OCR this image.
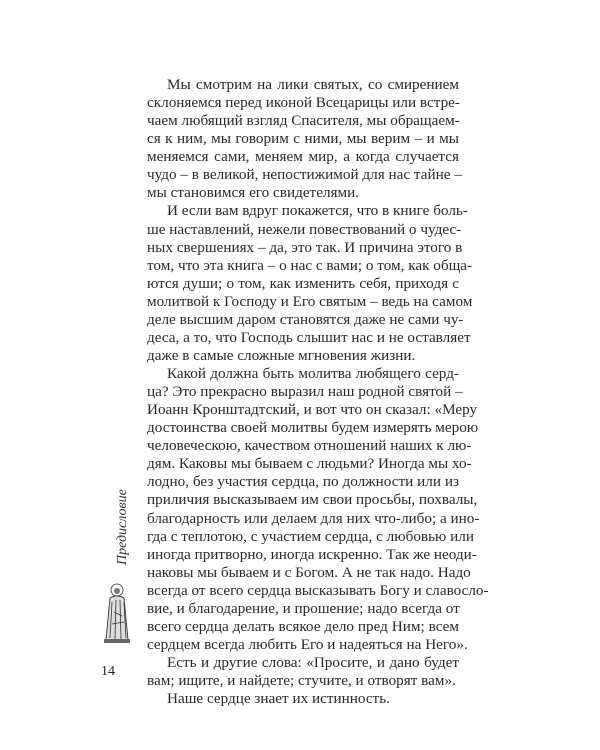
Мы смотрим на лики святых, со смирением
склоняемся перед иконой Всецарицы или встре-
чаем любящий взгляд Спасителя, мы обращаем-
ся к ним, мы говорим с ними, мы верим – и мы
меняемся сами, меняем мир, а когда случается
чудо – в великой, непостижимой для нас тайне –
мы становимся его свидетелями.
И если вам вдруг покажется, что в книге боль-
ше наставлений, нежели повествований о чудес-
ных свершениях – да, это так. И причина этого в
том, что эта книга – о нас с вами; о том, как обща-
ются души; о том, как изменить себя, приходя с
молитвой к Господу и Его святым – ведь на самом
деле высшим даром становятся даже не сами чу-
деса, а то, что Господь слышит нас и не оставляет
даже в самые сложные мгновения жизни.
Какой должна быть молитва любящего серд-
ца? Это прекрасно выразил наш родной святой –
Иоанн Кронштадтский, и вот что он сказал: «Меру
достоинства своей молитвы будем измерять мерою
человеческою, качеством отношений наших к лю-
дям. Каковы мы бываем с людьми? Иногда мы хо-
лодно, без участия сердца, по должности или из
приличия высказываем им свои просьбы, похвалы,
благодарность или делаем для них что-либо; а ино-
гда с теплотою, с участием сердца, с любовью или
иногда притворно, иногда искренно. Так же неоди-
наковы мы бываем и с Богом. А не так надо. Надо
всегда от всего сердца высказывать Богу и славосло-
вие, и благодарение, и прошение; надо всегда от
всего сердца делать всякое дело пред Ним; всем
сердцем всегда любить Его и надеяться на Него».
Есть и другие слова: «Просите, и дано будет
вам; ищите, и найдете; стучите, и отворят вам».
Наше сердце знает их истинность.
Предисловие
14
